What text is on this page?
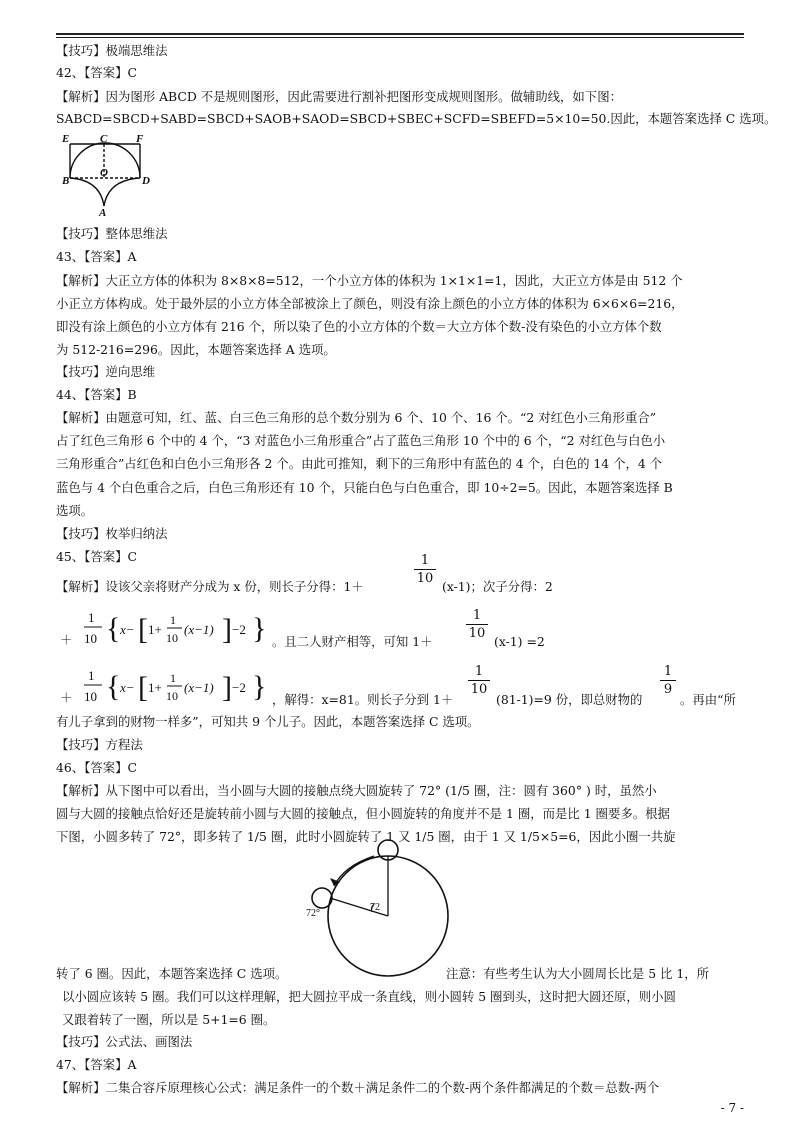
【技巧】极端思维法
42、【答案】C
【解析】因为图形 ABCD 不是规则图形，因此需要进行割补把图形变成规则图形。做辅助线，如下图：
SABCD=SBCD+SABD=SBCD+SAOB+SAOD=SBCD+SBEC+SCFD=SBEFD=5×10=50.因此，本题答案选择 C 选项。
E	C	F
B
O
D
A
【技巧】整体思维法
43、【答案】A
【解析】大正立方体的体积为 8×8×8=512，一个小立方体的体积为 1×1×1=1，因此，大正立方体是由 512 个
小正立方体构成。处于最外层的小立方体全部被涂上了颜色，则没有涂上颜色的小立方体的体积为 6×6×6=216，
即没有涂上颜色的小立方体有 216 个，所以染了色的小立方体的个数＝大立方体个数-没有染色的小立方体个数
为 512-216=296。因此，本题答案选择 A 选项。
【技巧】逆向思维
44、【答案】B
【解析】由题意可知，红、蓝、白三色三角形的总个数分别为 6 个、10 个、16 个。“2 对红色小三角形重合”
占了红色三角形 6 个中的 4 个，“3 对蓝色小三角形重合”占了蓝色三角形 10 个中的 6 个，“2 对红色与白色小
三角形重合”占红色和白色小三角形各 2 个。由此可推知，剩下的三角形中有蓝色的 4 个，白色的 14 个，4 个
蓝色与 4 个白色重合之后，白色三角形还有 10 个，只能白色与白色重合，即 10÷2=5。因此，本题答案选择 B
选项。
【技巧】枚举归纳法
45、【答案】C
【解析】设该父亲将财产分成为 x 份，则长子分得：1＋
1
10
(x-1)；次子分得：2
＋
1
10 { x− [ 1+
1
10
(x−1) ] −2 } 。且二人财产相等，可知 1＋
1
10
(x-1) =2
＋
1
10 { x− [ 1+
1
10
(x−1) ] −2 } ，解得：x=81。则长子分到 1＋
1
10
(81-1)=9 份，即总财物的
1
9
。再由“所
有儿子拿到的财物一样多”，可知共 9 个儿子。因此，本题答案选择 C 选项。
【技巧】方程法
46、【答案】C
【解析】从下图中可以看出，当小圆与大圆的接触点绕大圆旋转了 72° (1/5 圈，注：圆有 360° ) 时，虽然小
圆与大圆的接触点恰好还是旋转前小圆与大圆的接触点，但小圆旋转的角度并不是 1 圈，而是比 1 圈要多。根据
下图，小圆多转了 72°，即多转了 1/5 圈，此时小圆旋转了 1 又 1/5 圈，由于 1 又 1/5×5=6，因此小圈一共旋
72°
72
转了 6 圈。因此，本题答案选择 C 选项。	注意：有些考生认为大小圆周长比是 5 比 1，所
以小圆应该转 5 圈。我们可以这样理解，把大圆拉平成一条直线，则小圆转 5 圈到头，这时把大圆还原，则小圆
又跟着转了一圈，所以是 5+1=6 圈。
【技巧】公式法、画图法
47、【答案】A
【解析】二集合容斥原理核心公式：满足条件一的个数＋满足条件二的个数-两个条件都满足的个数＝总数-两个
- 7 -
